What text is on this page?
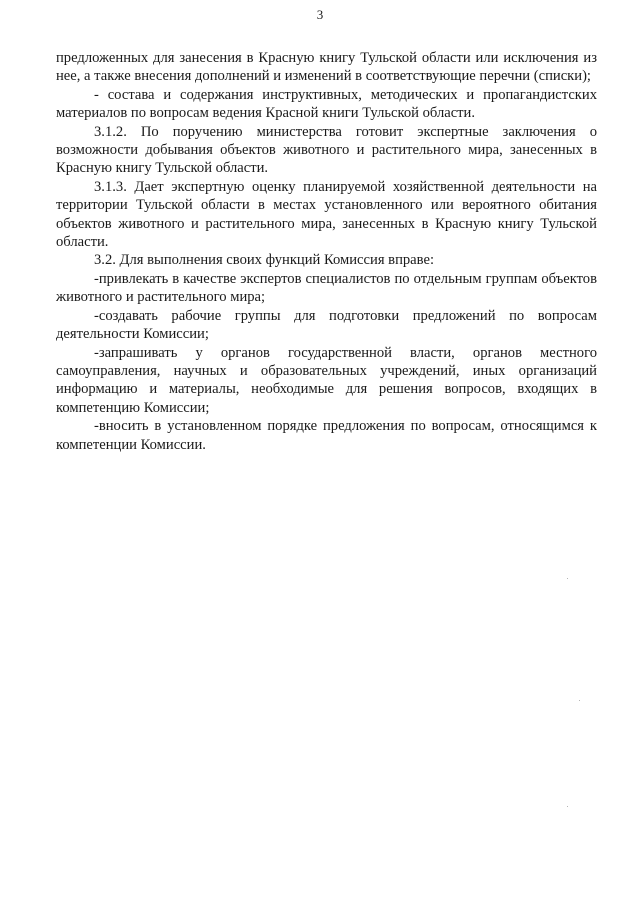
3

предложенных для занесения в Красную книгу Тульской области или исключения из нее, а также внесения дополнений и изменений в соответствующие перечни (списки);

- состава и содержания инструктивных, методических и пропагандистских материалов по вопросам ведения Красной книги Тульской области.

3.1.2. По поручению министерства готовит экспертные заключения о возможности добывания объектов животного и растительного мира, занесенных в Красную книгу Тульской области.

3.1.3. Дает экспертную оценку планируемой хозяйственной деятельности на территории Тульской области в местах установленного или вероятного обитания объектов животного и растительного мира, занесенных в Красную книгу Тульской области.

3.2. Для выполнения своих функций Комиссия вправе:

-привлекать в качестве экспертов специалистов по отдельным группам объектов животного и растительного мира;

-создавать рабочие группы для подготовки предложений по вопросам деятельности Комиссии;

-запрашивать у органов государственной власти, органов местного самоуправления, научных и образовательных учреждений, иных организаций информацию и материалы, необходимые для решения вопросов, входящих в компетенцию Комиссии;

-вносить в установленном порядке предложения по вопросам, относящимся к компетенции Комиссии.
